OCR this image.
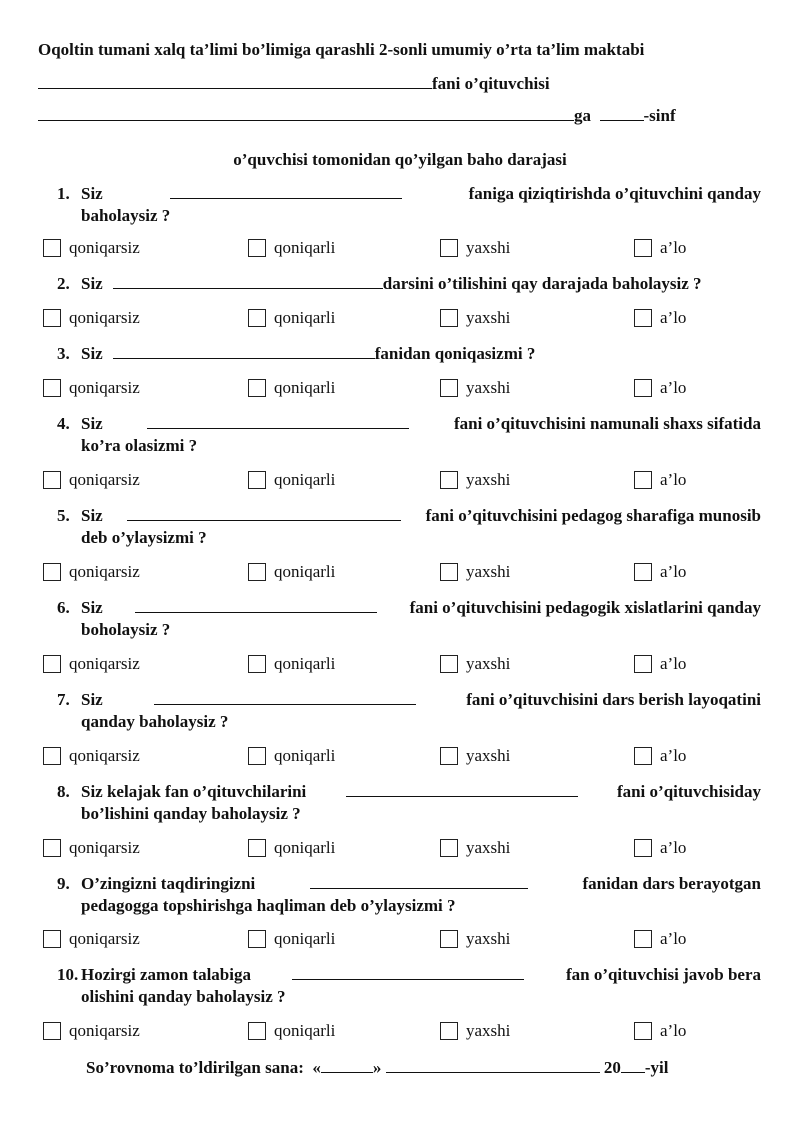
Oqoltin tumani xalq ta’limi bo’limiga qarashli 2-sonli umumiy o’rta ta’lim maktabi
fani o’qituvchisi
ga	-sinf
o’quvchisi tomonidan qo’yilgan baho darajasi
1. Siz	faniga qiziqtirishda o’qituvchini qanday
baholaysiz ?
qoniqarsiz	qoniqarli	yaxshi	a’lo
2. Siz	darsini o’tilishini qay darajada baholaysiz ?
qoniqarsiz	qoniqarli	yaxshi	a’lo
3. Siz	fanidan qoniqasizmi ?
qoniqarsiz	qoniqarli	yaxshi	a’lo
4. Siz	fani o’qituvchisini namunali shaxs sifatida
ko’ra olasizmi ?
qoniqarsiz	qoniqarli	yaxshi	a’lo
5. Siz	fani o’qituvchisini pedagog sharafiga munosib
deb o’ylaysizmi ?
qoniqarsiz	qoniqarli	yaxshi	a’lo
6. Siz	fani o’qituvchisini pedagogik xislatlarini qanday
boholaysiz ?
qoniqarsiz	qoniqarli	yaxshi	a’lo
7. Siz	fani o’qituvchisini dars berish layoqatini
qanday baholaysiz ?
qoniqarsiz	qoniqarli	yaxshi	a’lo
8. Siz kelajak fan o’qituvchilarini	fani o’qituvchisiday
bo’lishini qanday baholaysiz ?
qoniqarsiz	qoniqarli	yaxshi	a’lo
9. O’zingizni taqdiringizni	fanidan dars berayotgan
pedagogga topshirishga haqliman deb o’ylaysizmi ?
qoniqarsiz	qoniqarli	yaxshi	a’lo
10. Hozirgi zamon talabiga	fan o’qituvchisi javob bera
olishini qanday baholaysiz ?
qoniqarsiz	qoniqarli	yaxshi	a’lo
So’rovnoma to’ldirilgan sana: «	»	20 -yil
